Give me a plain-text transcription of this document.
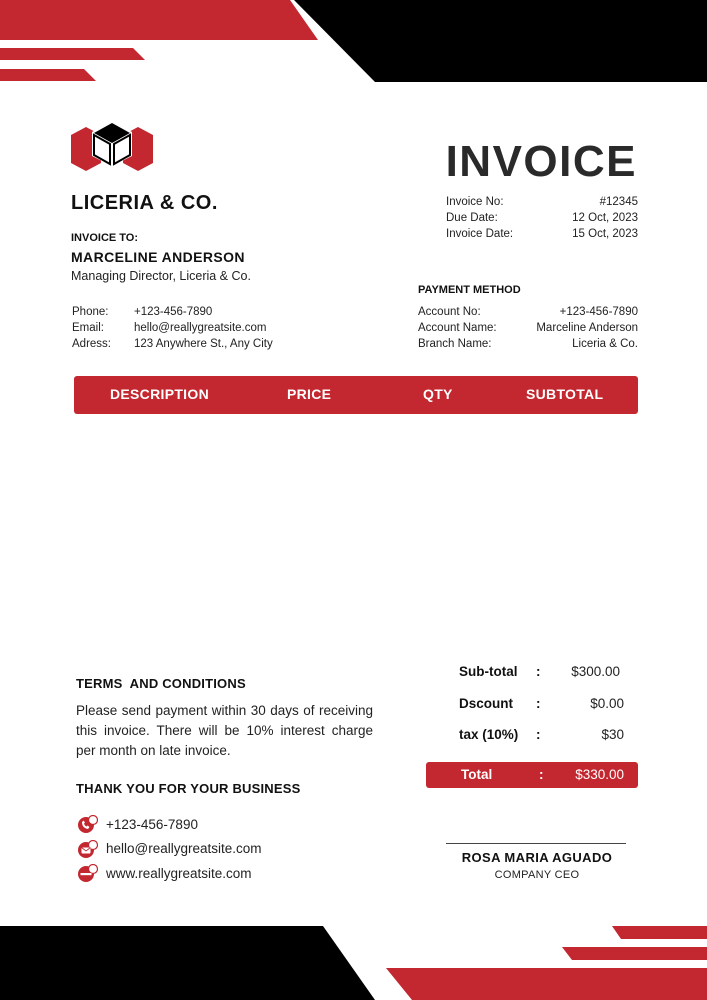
LICERIA & CO.
INVOICE TO:
MARCELINE ANDERSON
Managing Director, Liceria & Co.
Phone:	+123-456-7890
Email:	hello@reallygreatsite.com
Adress:	123 Anywhere St., Any City
INVOICE
Invoice No:	#12345
Due Date:	12 Oct, 2023
Invoice Date:	15 Oct, 2023
PAYMENT METHOD
Account No:	+123-456-7890
Account Name:	Marceline Anderson
Branch Name:	Liceria & Co.
DESCRIPTION	PRICE	QTY	SUBTOTAL
TERMS  AND CONDITIONS
Please send payment within 30 days of receiving this invoice. There will be 10% interest charge per month on late invoice.
THANK YOU FOR YOUR BUSINESS
+123-456-7890
hello@reallygreatsite.com
www.reallygreatsite.com
Sub-total : $300.00
Dscount :	$0.00
tax (10%) :	$30
Total	: $330.00
ROSA MARIA AGUADO
COMPANY CEO
